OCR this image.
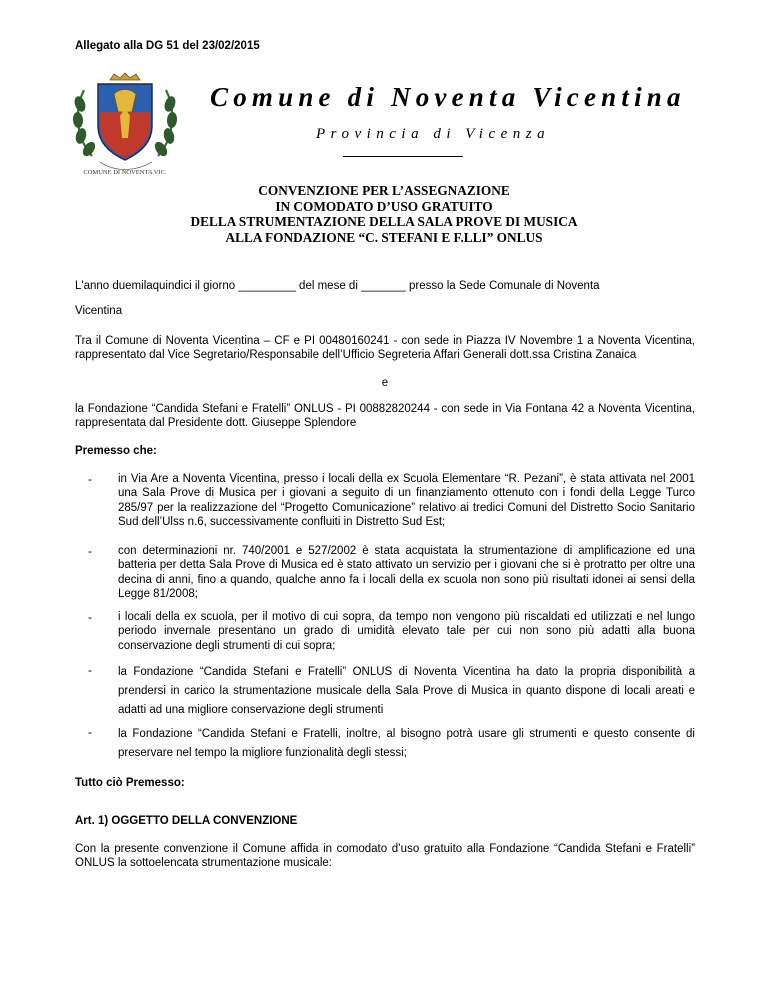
Allegato alla DG 51 del 23/02/2015
COMUNE DI NOVENTA VIC.
Comune di Noventa Vicentina
Provincia di Vicenza
CONVENZIONE PER L’ASSEGNAZIONE
IN COMODATO D’USO GRATUITO
DELLA STRUMENTAZIONE DELLA SALA PROVE DI MUSICA
ALLA FONDAZIONE “C. STEFANI E F.LLI” ONLUS

L'anno duemilaquindici il giorno _________ del mese di _______ presso la Sede Comunale di Noventa

Vicentina

Tra il Comune di Noventa Vicentina – CF e PI 00480160241 - con sede in Piazza IV Novembre 1 a Noventa Vicentina, rappresentato dal Vice Segretario/Responsabile dell’Ufficio Segreteria Affari Generali dott.ssa Cristina Zanaica

e

la Fondazione “Candida Stefani e Fratelli” ONLUS - PI 00882820244 - con sede in Via Fontana 42 a Noventa Vicentina, rappresentata dal Presidente dott. Giuseppe Splendore

Premesso che:

- in Via Are a Noventa Vicentina, presso i locali della ex Scuola Elementare “R. Pezani”, è stata attivata nel 2001 una Sala Prove di Musica per i giovani a seguito di un finanziamento ottenuto con i fondi della Legge Turco 285/97 per la realizzazione del “Progetto Comunicazione” relativo ai tredici Comuni del Distretto Socio Sanitario Sud dell’Ulss n.6, successivamente confluiti in Distretto Sud Est;

- con determinazioni nr. 740/2001 e 527/2002 è stata acquistata la strumentazione di amplificazione ed una batteria per detta Sala Prove di Musica ed è stato attivato un servizio per i giovani che si è protratto per oltre una decina di anni, fino a quando, qualche anno fa i locali della ex scuola non sono più risultati idonei ai sensi della Legge 81/2008;

- i locali della ex scuola, per il motivo di cui sopra, da tempo non vengono più riscaldati ed utilizzati e nel lungo periodo invernale presentano un grado di umidità elevato tale per cui non sono più adatti alla buona conservazione degli strumenti di cui sopra;

- la Fondazione “Candida Stefani e Fratelli” ONLUS di Noventa Vicentina ha dato la propria disponibilità a prendersi in carico la strumentazione musicale della Sala Prove di Musica in quanto dispone di locali areati e adatti ad una migliore conservazione degli strumenti

- la Fondazione “Candida Stefani e Fratelli, inoltre, al bisogno potrà usare gli strumenti e questo consente di preservare nel tempo la migliore funzionalità degli stessi;

Tutto ciò Premesso:

Art. 1) OGGETTO DELLA CONVENZIONE

Con la presente convenzione il Comune affida in comodato d’uso gratuito alla Fondazione “Candida Stefani e Fratelli” ONLUS la sottoelencata strumentazione musicale:
